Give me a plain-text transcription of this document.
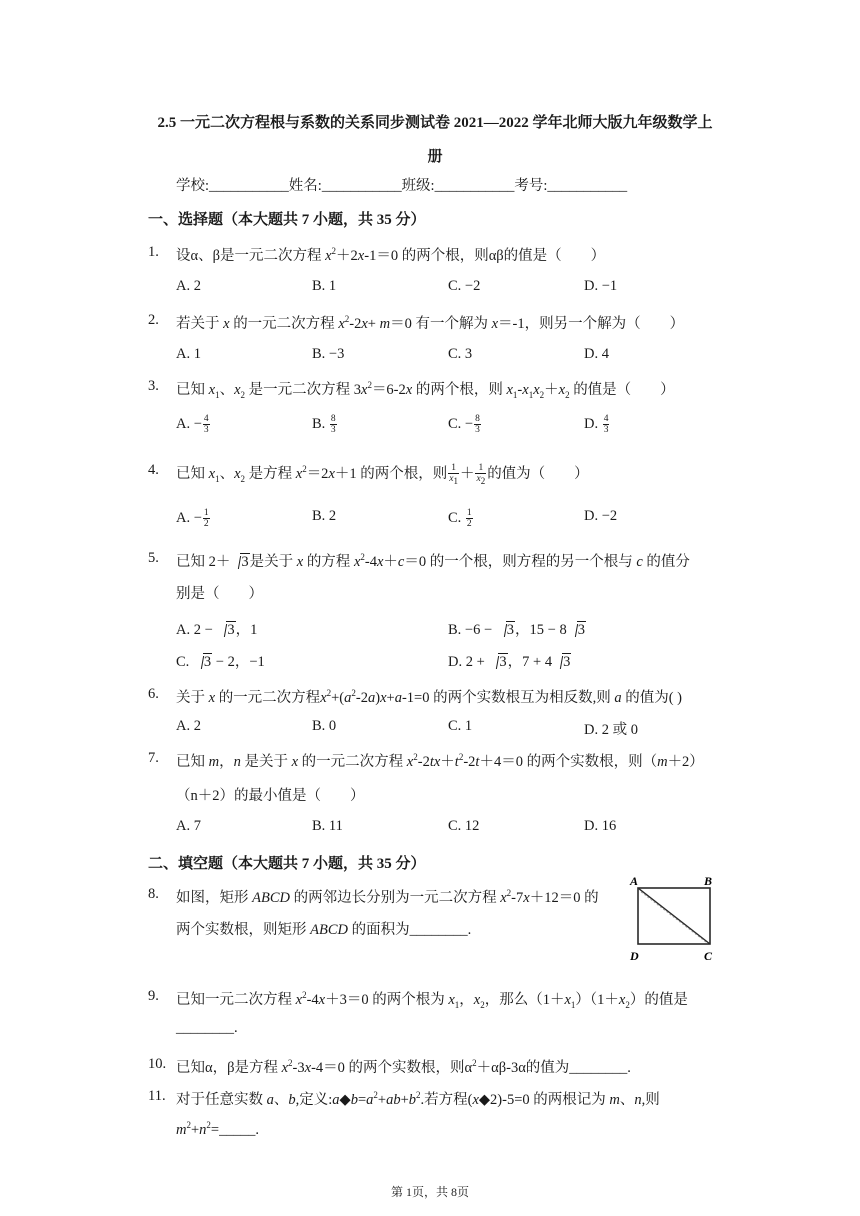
2.5 一元二次方程根与系数的关系同步测试卷 2021—2022 学年北师大版九年级数学上
册
学校:___________姓名:___________班级:___________考号:___________
一、选择题（本大题共 7 小题，共 35 分）
1. 设α、β是一元二次方程 $x^2+2x-1=0$ 的两个根，则αβ的值是（　　）
A. 2	B. 1	C. −2	D. −1
2. 若关于 x 的一元二次方程 $x^2-2x+ m=0$ 有一个解为 x＝-1，则另一个解为（　　）
A. 1	B. −3	C. 3	D. 4
3. 已知 $x_1$、$x_2$ 是一元二次方程 $3x^2=6-2x$ 的两个根，则 $x_1-x_1x_2+x_2$ 的值是（　　）
A. − $\frac{4}{3}$	B. $\frac{8}{3}$	C. − $\frac{8}{3}$	D. $\frac{4}{3}$
4. 已知 $x_1$、$x_2$ 是方程 $x^2=2x+1$ 的两个根，则 $\frac{1}{x_1} + \frac{1}{x_2}$ 的值为（　　）
A. − $\frac{1}{2}$	B. 2	C. $\frac{1}{2}$	D. −2
5. 已知 2＋ 3是关于 x 的方程 $x^2-4x+c=0$ 的一个根，则方程的另一个根与 c 的值分
别是（　　）
A. 2 − 3，1	B. −6 − 3，15 − 8 3
C. 3 − 2，−1	D. 2 + 3，7 + 4 3
6. 关于 x 的一元二次方程$x^2+(a^2-2a)x+a-1=0$ 的两个实数根互为相反数,则 a 的值为( )
A. 2	B. 0	C. 1	D. 2 或 0
7. 已知 m，n 是关于 x 的一元二次方程 $x^2-2tx+t^2-2t+4=0$ 的两个实数根，则（m＋2）
（n＋2）的最小值是（　　）
A. 7	B. 11	C. 12	D. 16
二、填空题（本大题共 7 小题，共 35 分）
8. 如图，矩形 ABCD 的两邻边长分别为一元二次方程 $x^2-7x+12=0$ 的
两个实数根，则矩形 ABCD 的面积为________.
A	B
C
D
9. 已知一元二次方程 $x^2-4x+3=0$ 的两个根为 $x_1$，$x_2$，那么$(1+x_1)(1+x_2)$的值是
________.
10. 已知α，β是方程 $x^2-3x-4=0$ 的两个实数根，则$\alpha^2+\alpha\beta-3\alpha$的值为________.
11. 对于任意实数 a、b,定义$:a◆b=a^2+ab+b^2$.若方程(x◆2)-5=0 的两根记为 m、n,则
$m^2+n^2=\_\_\_\_\_$.
第 1页，共 8页
